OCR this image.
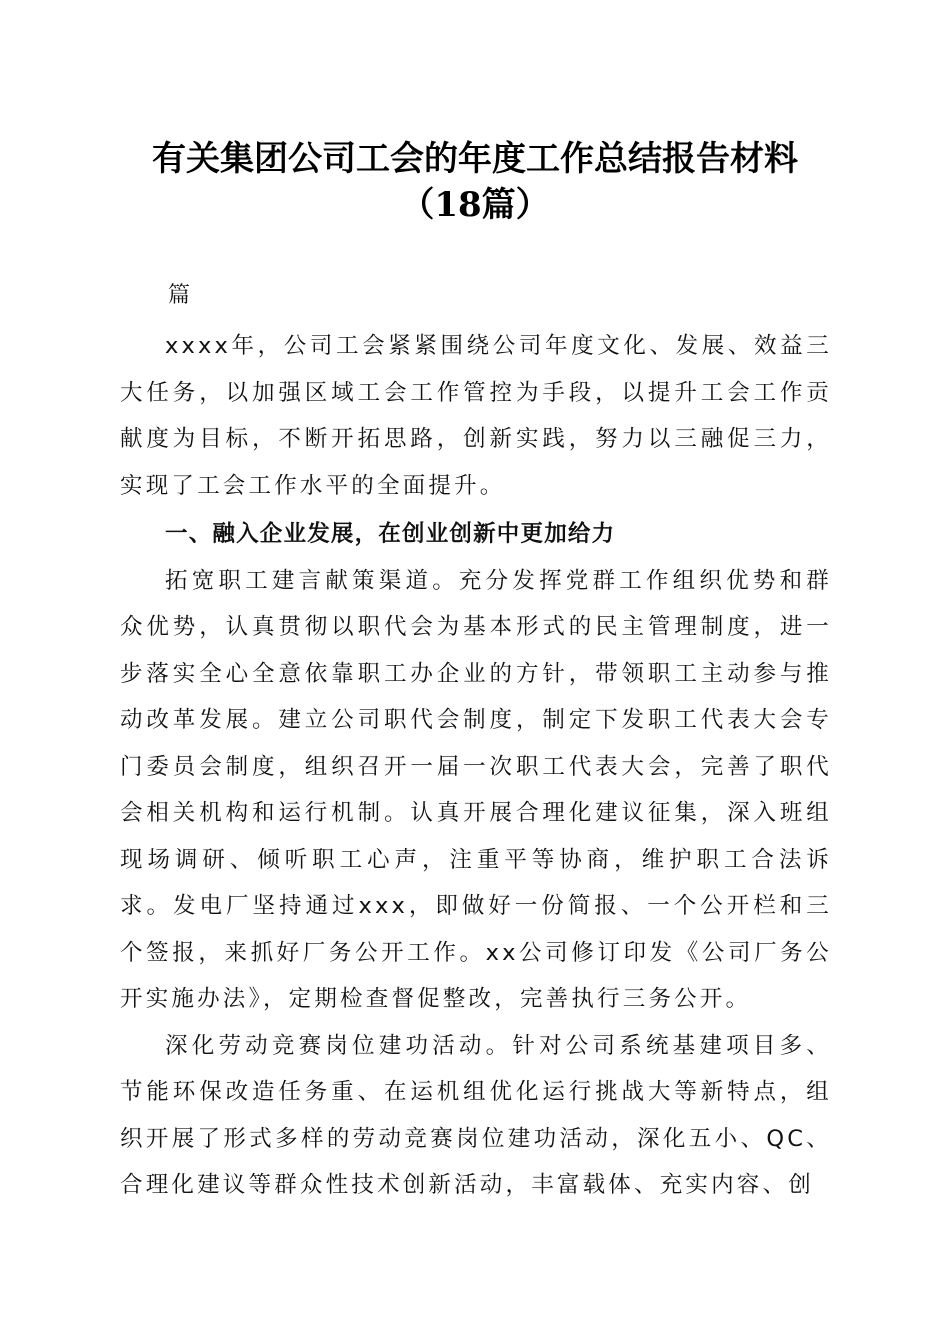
有关集团公司工会的年度工作总结报告材料
（18篇）
篇

xxxx年，公司工会紧紧围绕公司年度文化、发展、效益三大任务，以加强区域工会工作管控为手段，以提升工会工作贡献度为目标，不断开拓思路，创新实践，努力以三融促三力，实现了工会工作水平的全面提升。

一、融入企业发展，在创业创新中更加给力

拓宽职工建言献策渠道。充分发挥党群工作组织优势和群众优势，认真贯彻以职代会为基本形式的民主管理制度，进一步落实全心全意依靠职工办企业的方针，带领职工主动参与推动改革发展。建立公司职代会制度，制定下发职工代表大会专门委员会制度，组织召开一届一次职工代表大会，完善了职代会相关机构和运行机制。认真开展合理化建议征集，深入班组现场调研、倾听职工心声，注重平等协商，维护职工合法诉求。发电厂坚持通过xxx，即做好一份简报、一个公开栏和三个签报，来抓好厂务公开工作。xx公司修订印发《公司厂务公开实施办法》，定期检查督促整改，完善执行三务公开。

深化劳动竞赛岗位建功活动。针对公司系统基建项目多、节能环保改造任务重、在运机组优化运行挑战大等新特点，组织开展了形式多样的劳动竞赛岗位建功活动，深化五小、QC、合理化建议等群众性技术创新活动，丰富载体、充实内容、创
